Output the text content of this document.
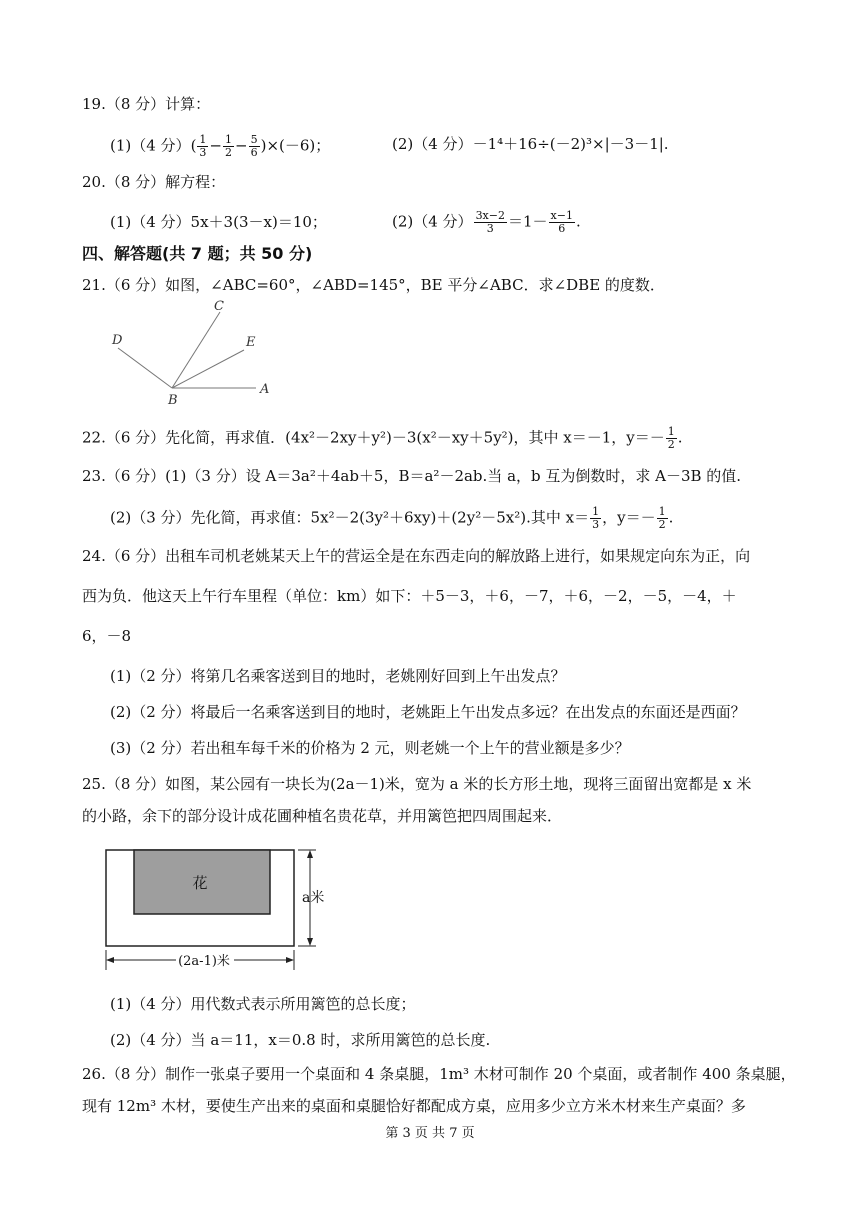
19.（8 分）计算：
(1)（4 分）( $\frac{1}{3} - \frac{1}{2} - \frac{5}{6} )\times(-6)$；	(2)（4 分）－1⁴＋16÷(－2)³×|－3－1|.
20.（8 分）解方程：
(1)（4 分）5x＋3(3－x)＝10；	(2)（4 分） $\frac{3x-2}{3} =1- \frac{x-1}{6}$ .
四、解答题(共 7 题；共 50 分)
21.（6 分）如图，∠ABC=60°，∠ABD=145°，BE 平分∠ABC．求∠DBE 的度数．
D
C
E
A
B
22.（6 分）先化简，再求值．(4x²－2xy＋y²)－3(x²－xy＋5y²)，其中 x＝－1，$y=- \frac{1}{2}$ .
23.（6 分）(1)（3 分）设 A＝3a²＋4ab＋5，B＝a²－2ab.当 a，b 互为倒数时，求 A－3B 的值.
(2)（3 分）先化简，再求值：5x²－2(3y²＋6xy)＋(2y²－5x²).其中 $x= \frac{1}{3}$ ，$y=- \frac{1}{2}$ .
24.（6 分）出租车司机老姚某天上午的营运全是在东西走向的解放路上进行，如果规定向东为正，向
西为负．他这天上午行车里程（单位：km）如下：＋5－3，＋6，－7，＋6，－2，－5，－4，＋
6，－8
(1)（2 分）将第几名乘客送到目的地时，老姚刚好回到上午出发点？
(2)（2 分）将最后一名乘客送到目的地时，老姚距上午出发点多远？在出发点的东面还是西面？
(3)（2 分）若出租车每千米的价格为 2 元，则老姚一个上午的营业额是多少？
25.（8 分）如图，某公园有一块长为(2a－1)米，宽为 a 米的长方形土地，现将三面留出宽都是 x 米
的小路，余下的部分设计成花圃种植名贵花草，并用篱笆把四周围起来．
花
a米
(2a-1)米
(1)（4 分）用代数式表示所用篱笆的总长度；
(2)（4 分）当 a＝11，x＝0.8 时，求所用篱笆的总长度.
26.（8 分）制作一张桌子要用一个桌面和 4 条桌腿，1m³ 木材可制作 20 个桌面，或者制作 400 条桌腿，
现有 12m³ 木材，要使生产出来的桌面和桌腿恰好都配成方桌，应用多少立方米木材来生产桌面？多
第 3 页 共 7 页
